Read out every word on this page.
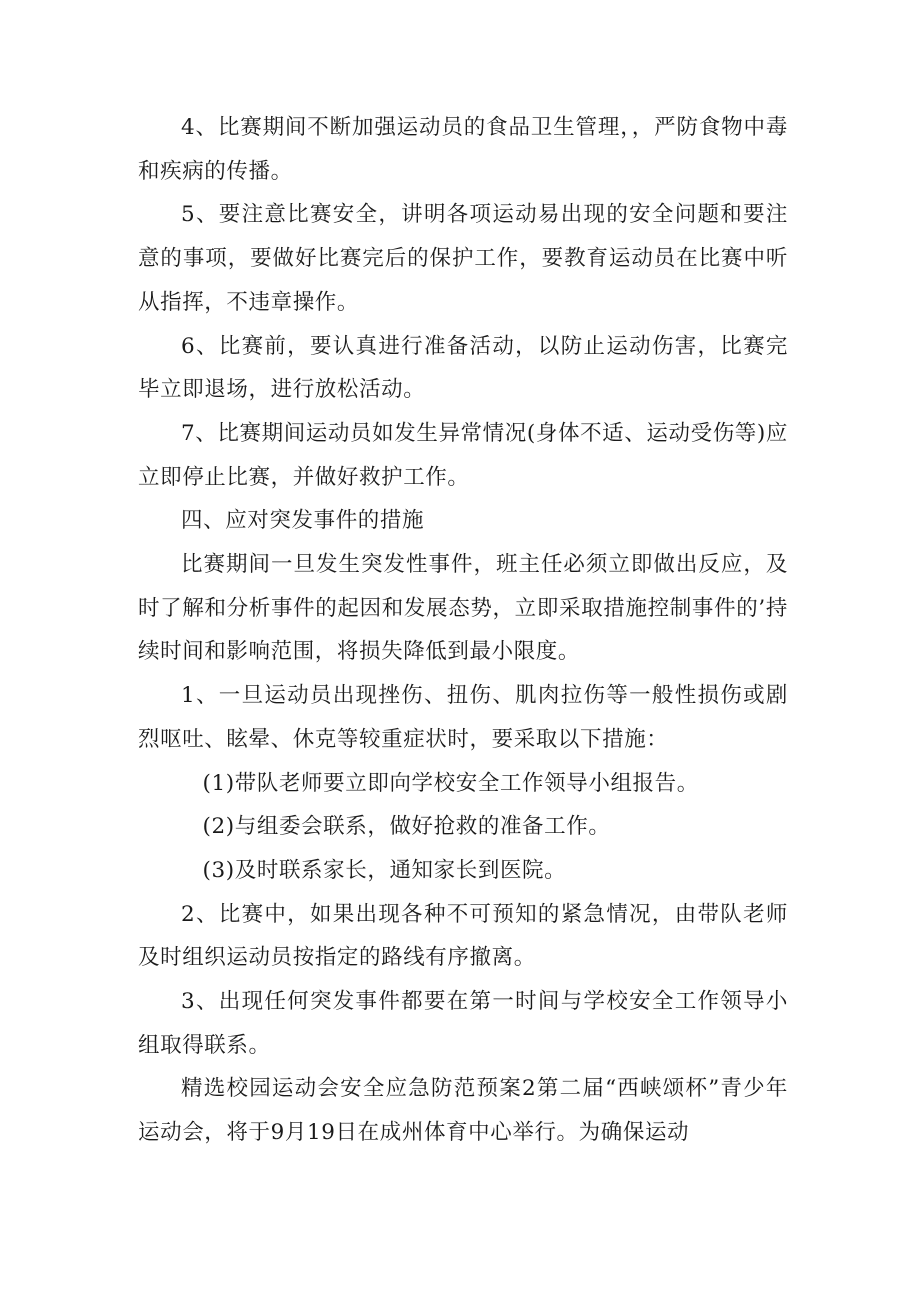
4、比赛期间不断加强运动员的食品卫生管理，，严防食物中毒和疾病的传播。

5、要注意比赛安全，讲明各项运动易出现的安全问题和要注意的事项，要做好比赛完后的保护工作，要教育运动员在比赛中听从指挥，不违章操作。

6、比赛前，要认真进行准备活动，以防止运动伤害，比赛完毕立即退场，进行放松活动。

7、比赛期间运动员如发生异常情况(身体不适、运动受伤等)应立即停止比赛，并做好救护工作。

四、应对突发事件的措施

比赛期间一旦发生突发性事件，班主任必须立即做出反应，及时了解和分析事件的起因和发展态势，立即采取措施控制事件的’持续时间和影响范围，将损失降低到最小限度。

1、一旦运动员出现挫伤、扭伤、肌肉拉伤等一般性损伤或剧烈呕吐、眩晕、休克等较重症状时，要采取以下措施：

(1)带队老师要立即向学校安全工作领导小组报告。

(2)与组委会联系，做好抢救的准备工作。

(3)及时联系家长，通知家长到医院。

2、比赛中，如果出现各种不可预知的紧急情况，由带队老师及时组织运动员按指定的路线有序撤离。

3、出现任何突发事件都要在第一时间与学校安全工作领导小组取得联系。

精选校园运动会安全应急防范预案2第二届“西峡颂杯”青少年运动会，将于9月19日在成州体育中心举行。为确保运动
